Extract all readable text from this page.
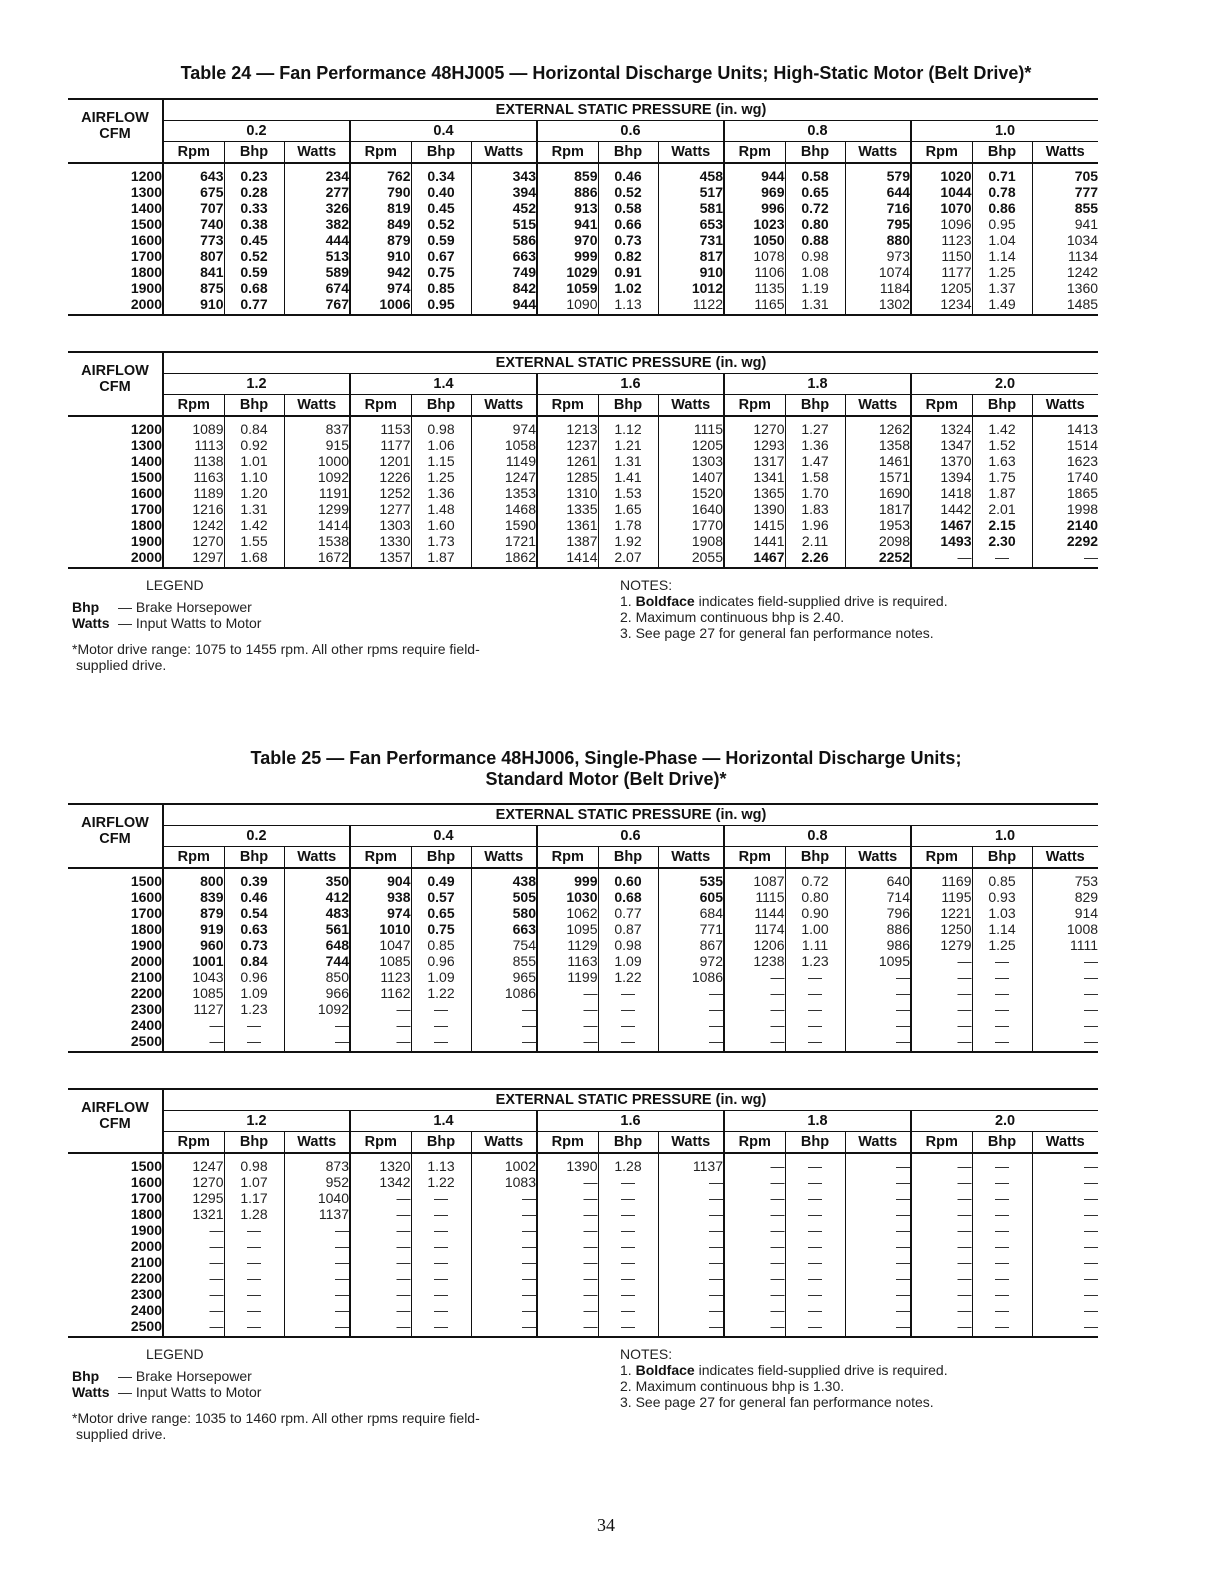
Table 24 — Fan Performance 48HJ005 — Horizontal Discharge Units; High-Static Motor (Belt Drive)*
AIRFLOW
CFM	EXTERNAL STATIC PRESSURE (in. wg)														
	0.2			0.4			0.6			0.8			1.0		
	Rpm	Bhp	Watts	Rpm	Bhp	Watts	Rpm	Bhp	Watts	Rpm	Bhp	Watts	Rpm	Bhp	Watts
1200	643	0.23	234	762	0.34	343	859	0.46	458	944	0.58	579	1020	0.71	705
1300	675	0.28	277	790	0.40	394	886	0.52	517	969	0.65	644	1044	0.78	777
1400	707	0.33	326	819	0.45	452	913	0.58	581	996	0.72	716	1070	0.86	855
1500	740	0.38	382	849	0.52	515	941	0.66	653	1023	0.80	795	1096	0.95	941
1600	773	0.45	444	879	0.59	586	970	0.73	731	1050	0.88	880	1123	1.04	1034
1700	807	0.52	513	910	0.67	663	999	0.82	817	1078	0.98	973	1150	1.14	1134
1800	841	0.59	589	942	0.75	749	1029	0.91	910	1106	1.08	1074	1177	1.25	1242
1900	875	0.68	674	974	0.85	842	1059	1.02	1012	1135	1.19	1184	1205	1.37	1360
2000	910	0.77	767	1006	0.95	944	1090	1.13	1122	1165	1.31	1302	1234	1.49	1485
AIRFLOW
CFM	EXTERNAL STATIC PRESSURE (in. wg)														
	1.2			1.4			1.6			1.8			2.0		
	Rpm	Bhp	Watts	Rpm	Bhp	Watts	Rpm	Bhp	Watts	Rpm	Bhp	Watts	Rpm	Bhp	Watts
1200	1089	0.84	837	1153	0.98	974	1213	1.12	1115	1270	1.27	1262	1324	1.42	1413
1300	1113	0.92	915	1177	1.06	1058	1237	1.21	1205	1293	1.36	1358	1347	1.52	1514
1400	1138	1.01	1000	1201	1.15	1149	1261	1.31	1303	1317	1.47	1461	1370	1.63	1623
1500	1163	1.10	1092	1226	1.25	1247	1285	1.41	1407	1341	1.58	1571	1394	1.75	1740
1600	1189	1.20	1191	1252	1.36	1353	1310	1.53	1520	1365	1.70	1690	1418	1.87	1865
1700	1216	1.31	1299	1277	1.48	1468	1335	1.65	1640	1390	1.83	1817	1442	2.01	1998
1800	1242	1.42	1414	1303	1.60	1590	1361	1.78	1770	1415	1.96	1953	1467	2.15	2140
1900	1270	1.55	1538	1330	1.73	1721	1387	1.92	1908	1441	2.11	2098	1493	2.30	2292
2000	1297	1.68	1672	1357	1.87	1862	1414	2.07	2055	1467	2.26	2252	—	—	—
LEGEND
Bhp — Brake Horsepower
Watts — Input Watts to Motor
*Motor drive range: 1075 to 1455 rpm. All other rpms require field-
supplied drive.
NOTES:
1. Boldface indicates field-supplied drive is required.
2. Maximum continuous bhp is 2.40.
3. See page 27 for general fan performance notes.
Table 25 — Fan Performance 48HJ006, Single-Phase — Horizontal Discharge Units;
Standard Motor (Belt Drive)*
AIRFLOW
CFM	EXTERNAL STATIC PRESSURE (in. wg)														
	0.2			0.4			0.6			0.8			1.0		
	Rpm	Bhp	Watts	Rpm	Bhp	Watts	Rpm	Bhp	Watts	Rpm	Bhp	Watts	Rpm	Bhp	Watts
1500	800	0.39	350	904	0.49	438	999	0.60	535	1087	0.72	640	1169	0.85	753
1600	839	0.46	412	938	0.57	505	1030	0.68	605	1115	0.80	714	1195	0.93	829
1700	879	0.54	483	974	0.65	580	1062	0.77	684	1144	0.90	796	1221	1.03	914
1800	919	0.63	561	1010	0.75	663	1095	0.87	771	1174	1.00	886	1250	1.14	1008
1900	960	0.73	648	1047	0.85	754	1129	0.98	867	1206	1.11	986	1279	1.25	1111
2000	1001	0.84	744	1085	0.96	855	1163	1.09	972	1238	1.23	1095	—	—	—
2100	1043	0.96	850	1123	1.09	965	1199	1.22	1086	—	—	—	—	—	—
2200	1085	1.09	966	1162	1.22	1086	—	—	—	—	—	—	—	—	—
2300	1127	1.23	1092	—	—	—	—	—	—	—	—	—	—	—	—
2400	—	—	—	—	—	—	—	—	—	—	—	—	—	—	—
2500	—	—	—	—	—	—	—	—	—	—	—	—	—	—	—
AIRFLOW
CFM	EXTERNAL STATIC PRESSURE (in. wg)														
	1.2			1.4			1.6			1.8			2.0		
	Rpm	Bhp	Watts	Rpm	Bhp	Watts	Rpm	Bhp	Watts	Rpm	Bhp	Watts	Rpm	Bhp	Watts
1500	1247	0.98	873	1320	1.13	1002	1390	1.28	1137	—	—	—	—	—	—
1600	1270	1.07	952	1342	1.22	1083	—	—	—	—	—	—	—	—	—
1700	1295	1.17	1040	—	—	—	—	—	—	—	—	—	—	—	—
1800	1321	1.28	1137	—	—	—	—	—	—	—	—	—	—	—	—
1900	—	—	—	—	—	—	—	—	—	—	—	—	—	—	—
2000	—	—	—	—	—	—	—	—	—	—	—	—	—	—	—
2100	—	—	—	—	—	—	—	—	—	—	—	—	—	—	—
2200	—	—	—	—	—	—	—	—	—	—	—	—	—	—	—
2300	—	—	—	—	—	—	—	—	—	—	—	—	—	—	—
2400	—	—	—	—	—	—	—	—	—	—	—	—	—	—	—
2500	—	—	—	—	—	—	—	—	—	—	—	—	—	—	—
LEGEND
Bhp — Brake Horsepower
Watts — Input Watts to Motor
*Motor drive range: 1035 to 1460 rpm. All other rpms require field-
supplied drive.
NOTES:
1. Boldface indicates field-supplied drive is required.
2. Maximum continuous bhp is 1.30.
3. See page 27 for general fan performance notes.
34
